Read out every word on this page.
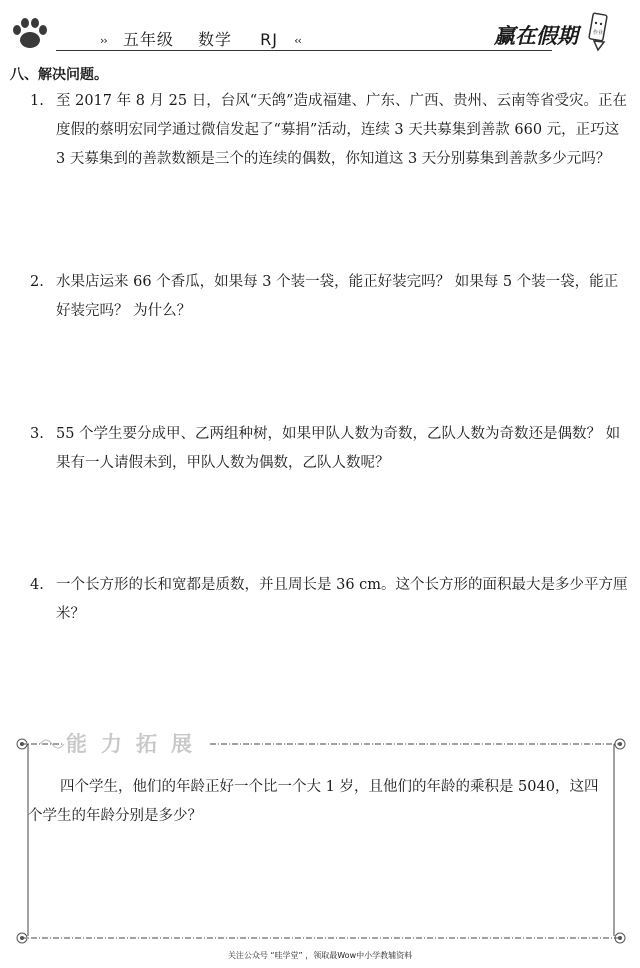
›› 五年级 数学 RJ ‹‹	赢在假期	作业
八、解决问题。
1. 至 2017 年 8 月 25 日，台风“天鸽”造成福建、广东、广西、贵州、云南等省受灾。正在度假的蔡明宏同学通过微信发起了“募捐”活动，连续 3 天共募集到善款 660 元，正巧这 3 天募集到的善款数额是三个的连续的偶数，你知道这 3 天分别募集到善款多少元吗？
2. 水果店运来 66 个香瓜，如果每 3 个装一袋，能正好装完吗？ 如果每 5 个装一袋，能正好装完吗？ 为什么？
3. 55 个学生要分成甲、乙两组种树，如果甲队人数为奇数，乙队人数为奇数还是偶数？ 如果有一人请假未到，甲队人数为偶数，乙队人数呢？
4. 一个长方形的长和宽都是质数，并且周长是 36 cm。这个长方形的面积最大是多少平方厘米？
能力拓展
四个学生，他们的年龄正好一个比一个大 1 岁，且他们的年龄的乘积是 5040，这四个学生的年龄分别是多少？
关注公众号 “哇学堂” ，领取最Wow中小学教辅资料
